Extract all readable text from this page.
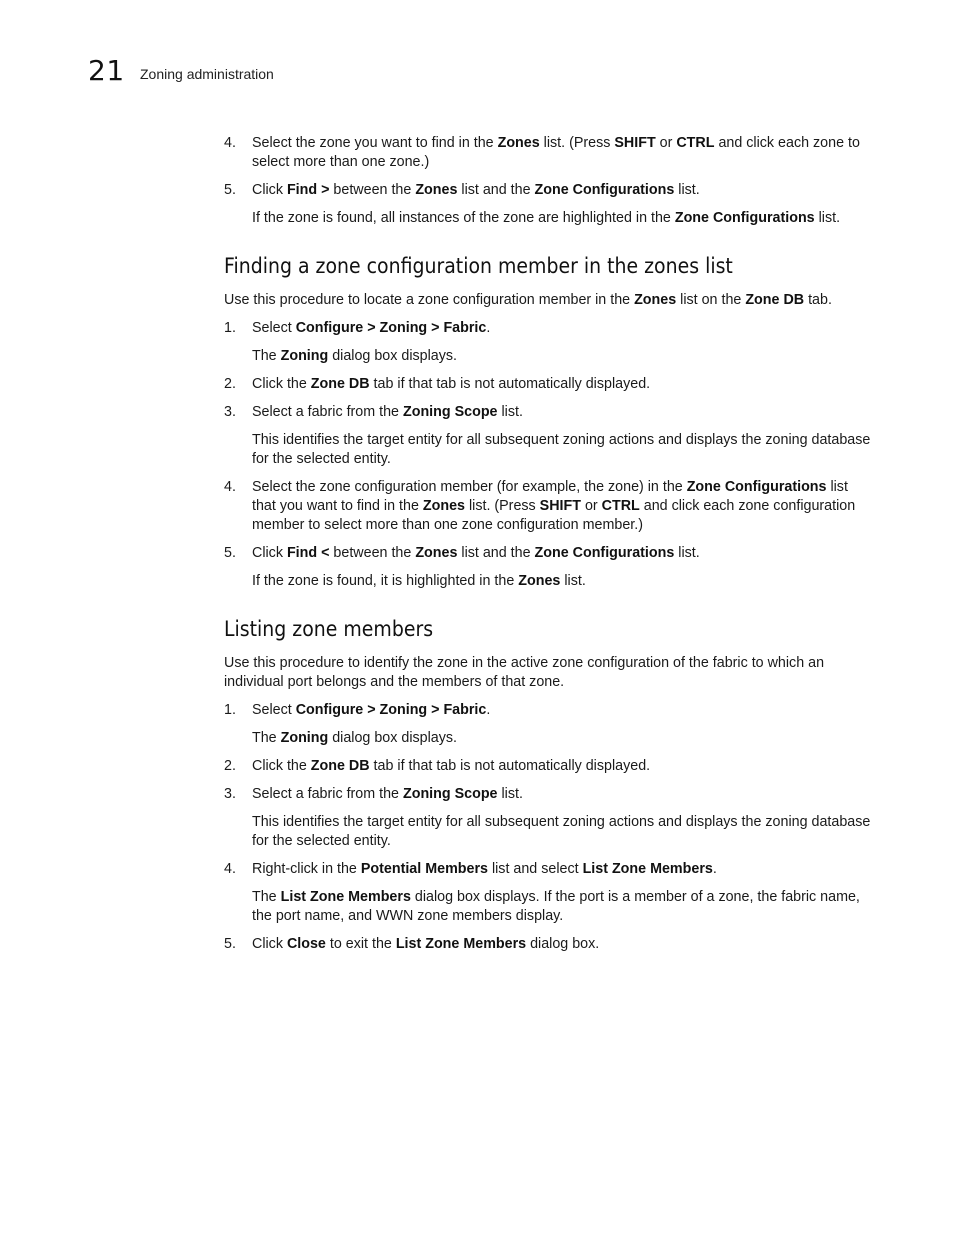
21 Zoning administration
4. Select the zone you want to find in the Zones list. (Press SHIFT or CTRL and click each zone to select more than one zone.)
5. Click Find > between the Zones list and the Zone Configurations list.
If the zone is found, all instances of the zone are highlighted in the Zone Configurations list.
Finding a zone configuration member in the zones list
Use this procedure to locate a zone configuration member in the Zones list on the Zone DB tab.
1. Select Configure > Zoning > Fabric.
The Zoning dialog box displays.
2. Click the Zone DB tab if that tab is not automatically displayed.
3. Select a fabric from the Zoning Scope list.
This identifies the target entity for all subsequent zoning actions and displays the zoning database for the selected entity.
4. Select the zone configuration member (for example, the zone) in the Zone Configurations list that you want to find in the Zones list. (Press SHIFT or CTRL and click each zone configuration member to select more than one zone configuration member.)
5. Click Find < between the Zones list and the Zone Configurations list.
If the zone is found, it is highlighted in the Zones list.
Listing zone members
Use this procedure to identify the zone in the active zone configuration of the fabric to which an individual port belongs and the members of that zone.
1. Select Configure > Zoning > Fabric.
The Zoning dialog box displays.
2. Click the Zone DB tab if that tab is not automatically displayed.
3. Select a fabric from the Zoning Scope list.
This identifies the target entity for all subsequent zoning actions and displays the zoning database for the selected entity.
4. Right-click in the Potential Members list and select List Zone Members.
The List Zone Members dialog box displays. If the port is a member of a zone, the fabric name, the port name, and WWN zone members display.
5. Click Close to exit the List Zone Members dialog box.
